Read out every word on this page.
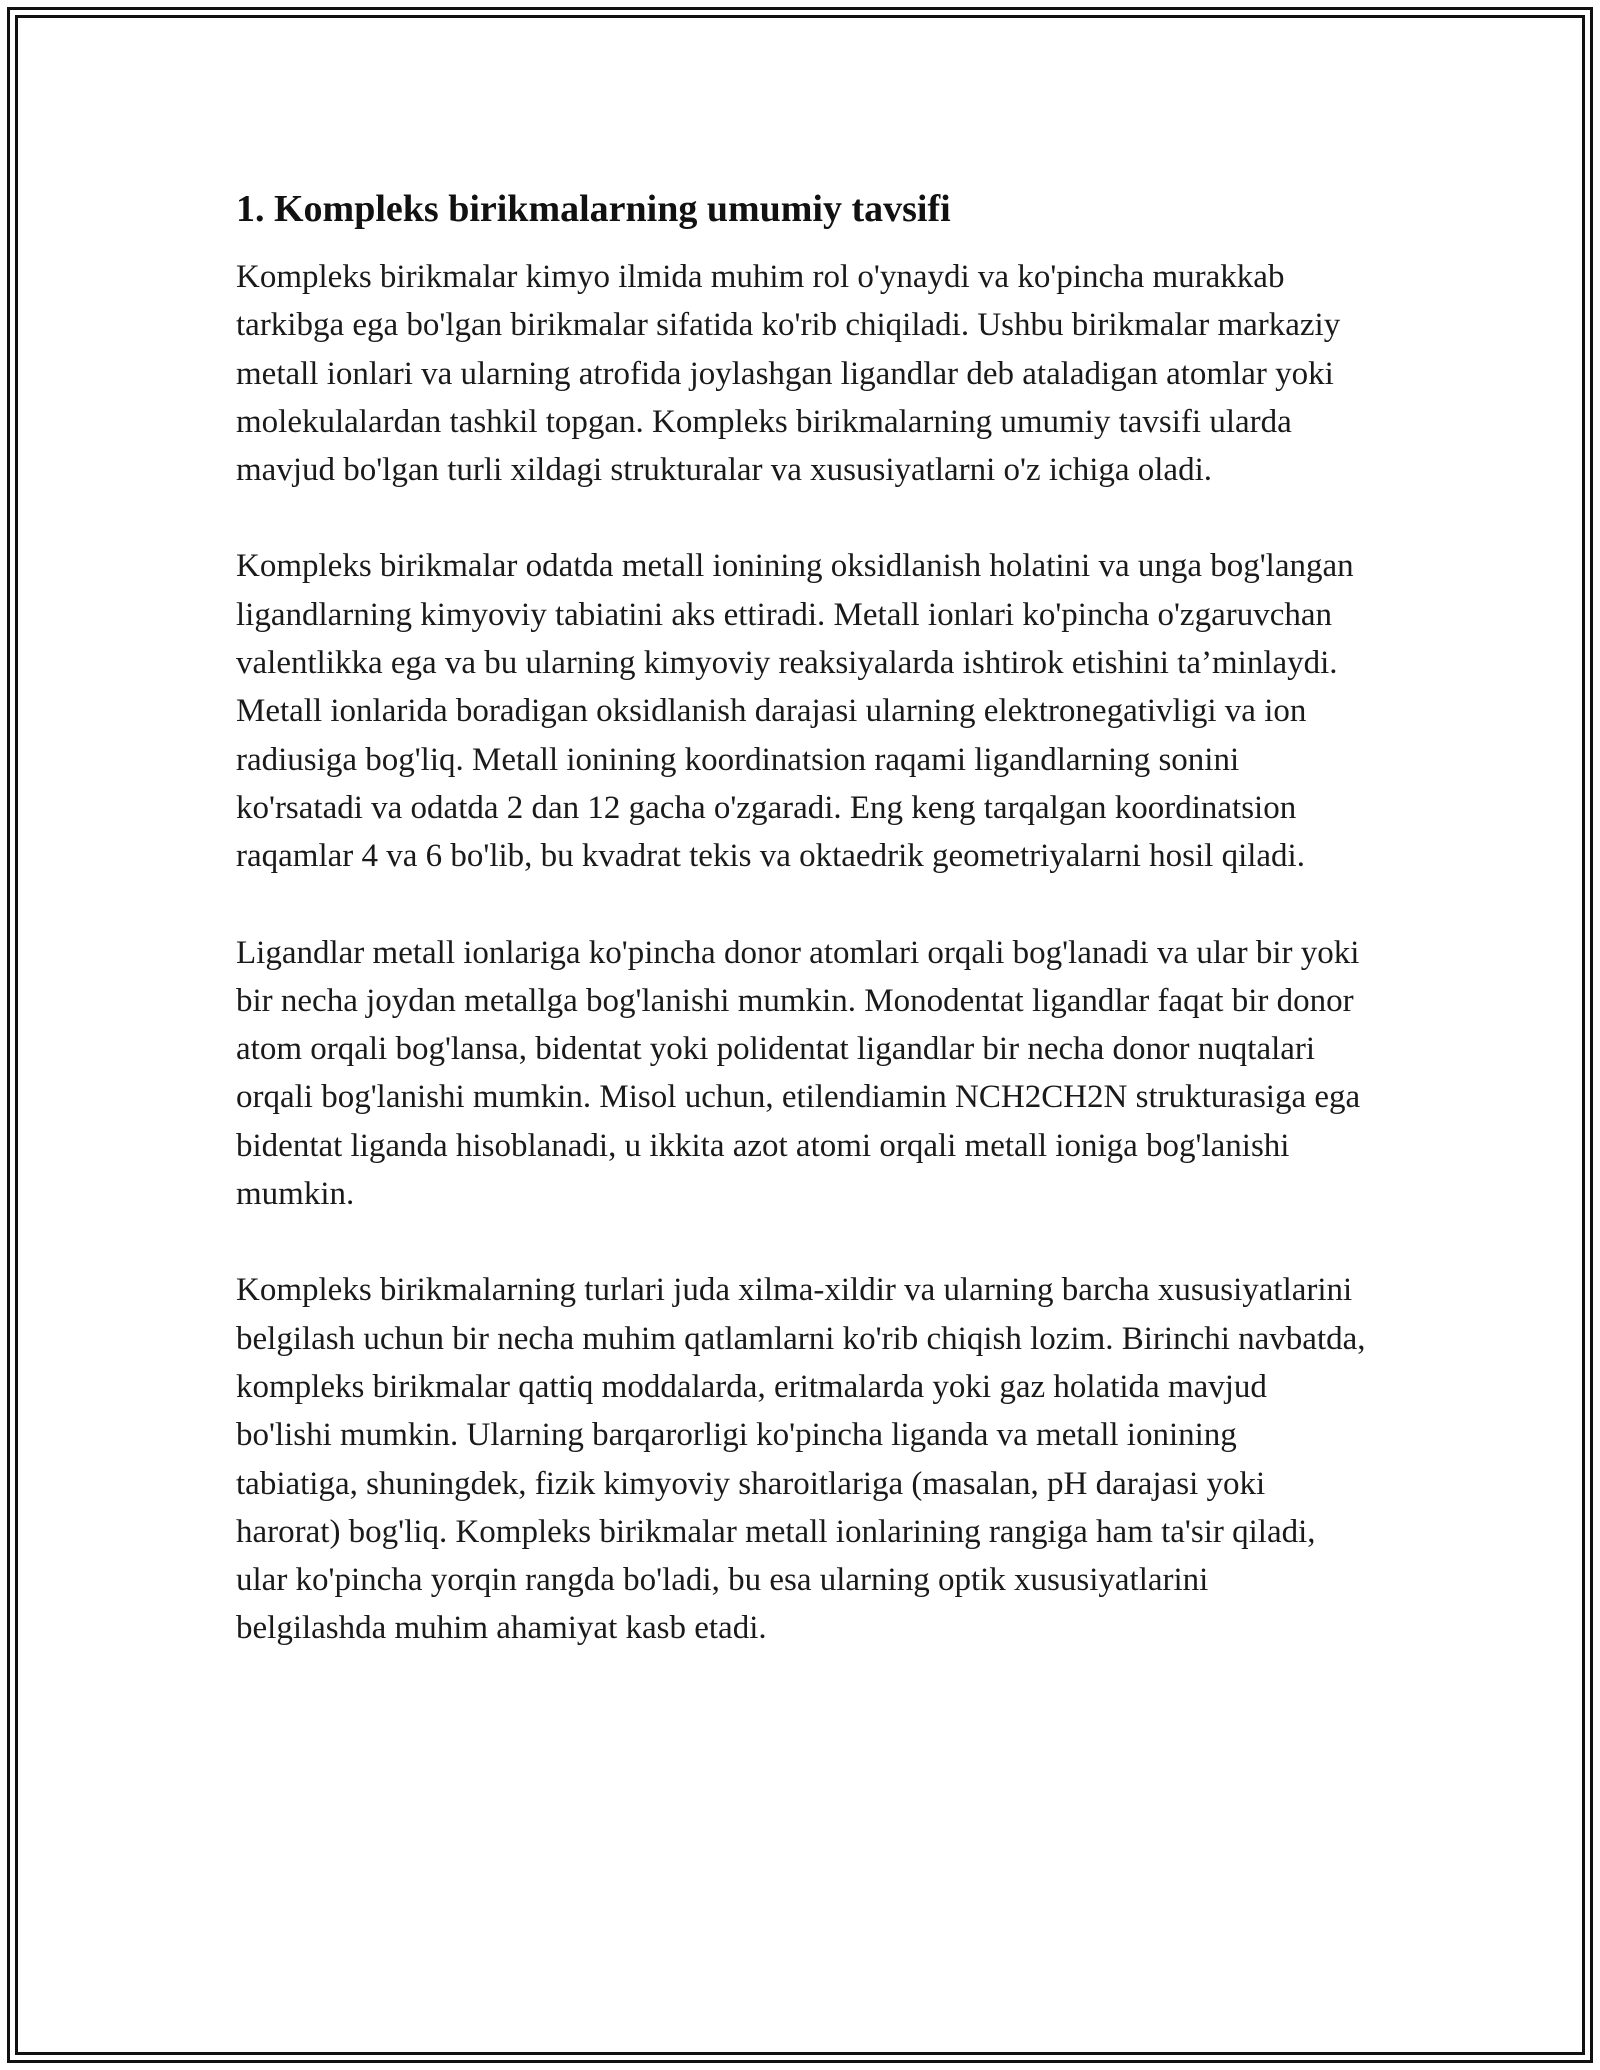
1. Kompleks birikmalarning umumiy tavsifi

Kompleks birikmalar kimyo ilmida muhim rol o'ynaydi va ko'pincha murakkab tarkibga ega bo'lgan birikmalar sifatida ko'rib chiqiladi. Ushbu birikmalar markaziy metall ionlari va ularning atrofida joylashgan ligandlar deb ataladigan atomlar yoki molekulalardan tashkil topgan. Kompleks birikmalarning umumiy tavsifi ularda mavjud bo'lgan turli xildagi strukturalar va xususiyatlarni o'z ichiga oladi.

Kompleks birikmalar odatda metall ionining oksidlanish holatini va unga bog'langan ligandlarning kimyoviy tabiatini aks ettiradi. Metall ionlari ko'pincha o'zgaruvchan valentlikka ega va bu ularning kimyoviy reaksiyalarda ishtirok etishini ta’minlaydi. Metall ionlarida boradigan oksidlanish darajasi ularning elektronegativligi va ion radiusiga bog'liq. Metall ionining koordinatsion raqami ligandlarning sonini ko'rsatadi va odatda 2 dan 12 gacha o'zgaradi. Eng keng tarqalgan koordinatsion raqamlar 4 va 6 bo'lib, bu kvadrat tekis va oktaedrik geometriyalarni hosil qiladi.

Ligandlar metall ionlariga ko'pincha donor atomlari orqali bog'lanadi va ular bir yoki bir necha joydan metallga bog'lanishi mumkin. Monodentat ligandlar faqat bir donor atom orqali bog'lansa, bidentat yoki polidentat ligandlar bir necha donor nuqtalari orqali bog'lanishi mumkin. Misol uchun, etilendiamin NCH2CH2N strukturasiga ega bidentat liganda hisoblanadi, u ikkita azot atomi orqali metall ioniga bog'lanishi mumkin.

Kompleks birikmalarning turlari juda xilma-xildir va ularning barcha xususiyatlarini belgilash uchun bir necha muhim qatlamlarni ko'rib chiqish lozim. Birinchi navbatda, kompleks birikmalar qattiq moddalarda, eritmalarda yoki gaz holatida mavjud bo'lishi mumkin. Ularning barqarorligi ko'pincha liganda va metall ionining tabiatiga, shuningdek, fizik kimyoviy sharoitlariga (masalan, pH darajasi yoki harorat) bog'liq. Kompleks birikmalar metall ionlarining rangiga ham ta'sir qiladi, ular ko'pincha yorqin rangda bo'ladi, bu esa ularning optik xususiyatlarini belgilashda muhim ahamiyat kasb etadi.
